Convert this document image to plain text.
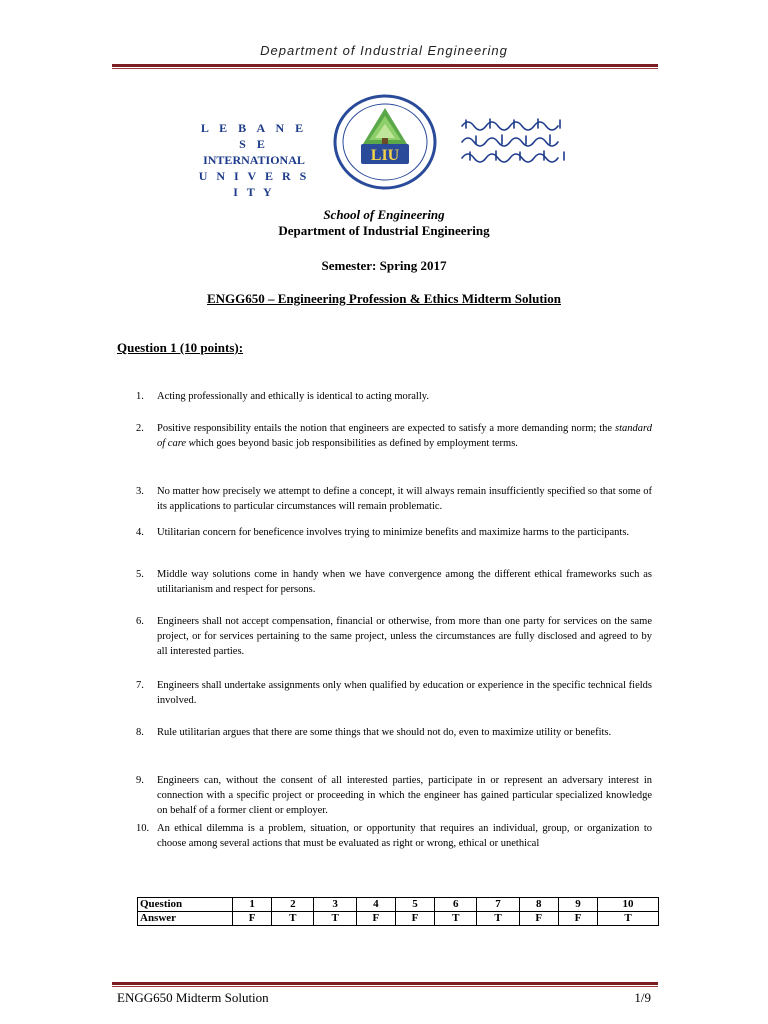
Department of Industrial Engineering
L E B A N E S E
INTERNATIONAL
U N I V E R S I T Y
LIU
School of Engineering
Department of Industrial Engineering
Semester: Spring 2017
ENGG650 – Engineering Profession & Ethics Midterm Solution
Question 1 (10 points):
1.	Acting professionally and ethically is identical to acting morally.
2.	Positive responsibility entails the notion that engineers are expected to satisfy a more demanding norm; the standard of care which goes beyond basic job responsibilities as defined by employment terms.
3.	No matter how precisely we attempt to define a concept, it will always remain insufficiently specified so that some of its applications to particular circumstances will remain problematic.
4.	Utilitarian concern for beneficence involves trying to minimize benefits and maximize harms to the participants.
5.	Middle way solutions come in handy when we have convergence among the different ethical frameworks such as utilitarianism and respect for persons.
6.	Engineers shall not accept compensation, financial or otherwise, from more than one party for services on the same project, or for services pertaining to the same project, unless the circumstances are fully disclosed and agreed to by all interested parties.
7.	Engineers shall undertake assignments only when qualified by education or experience in the specific technical fields involved.
8.	Rule utilitarian argues that there are some things that we should not do, even to maximize utility or benefits.
9.	Engineers can, without the consent of all interested parties, participate in or represent an adversary interest in connection with a specific project or proceeding in which the engineer has gained particular specialized knowledge on behalf of a former client or employer.
10. An ethical dilemma is a problem, situation, or opportunity that requires an individual, group, or organization to choose among several actions that must be evaluated as right or wrong, ethical or unethical
Question	1	2	3	4	5	6	7	8	9	10
Answer	F	T	T	F	F	T	T	F	F	T
ENGG650 Midterm Solution	1/9
